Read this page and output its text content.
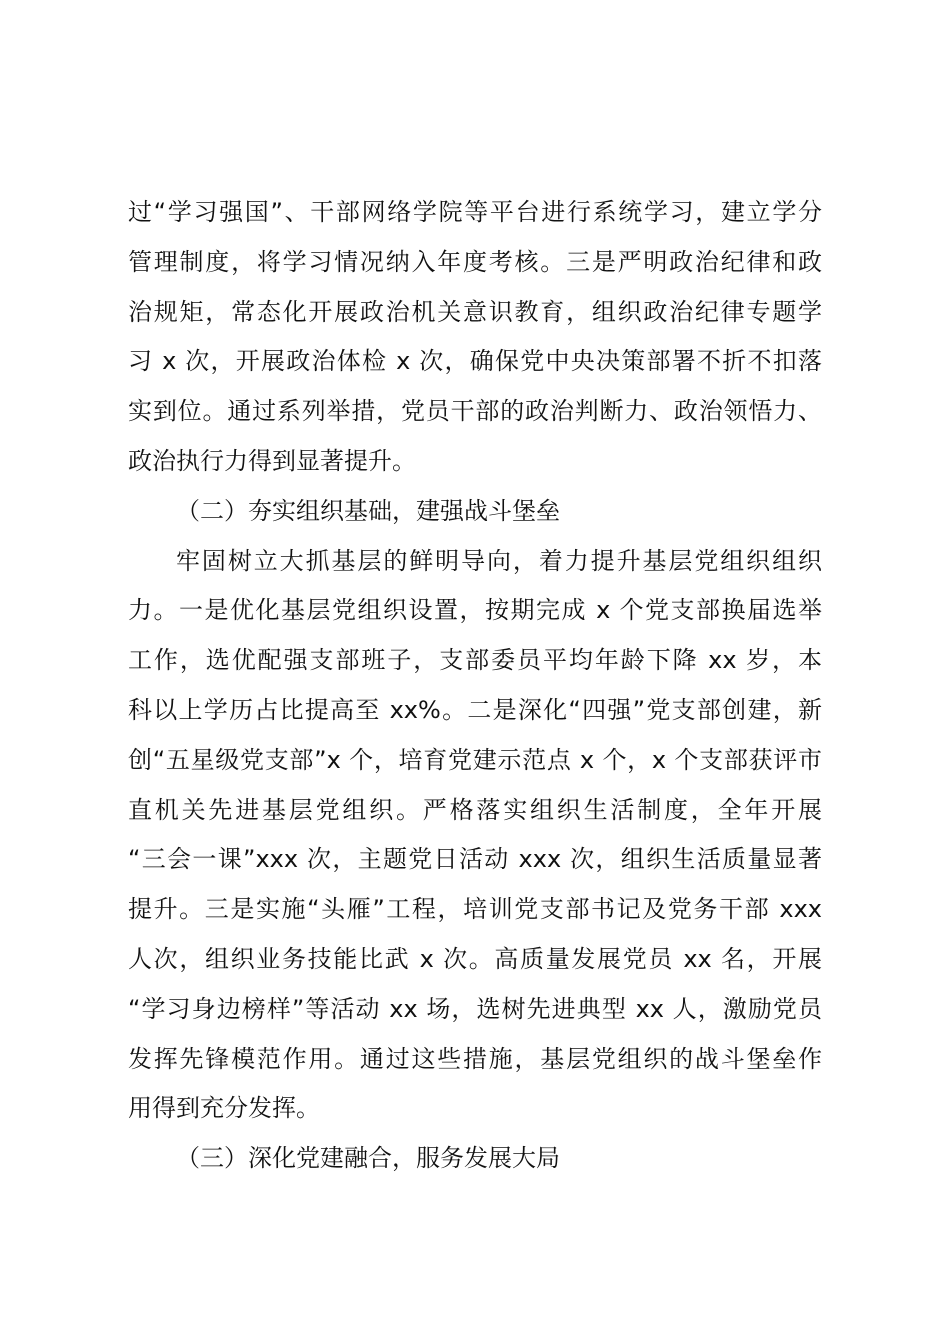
过“学习强国”、干部网络学院等平台进行系统学习，建立学分
管理制度，将学习情况纳入年度考核。三是严明政治纪律和政
治规矩，常态化开展政治机关意识教育，组织政治纪律专题学
习 x 次，开展政治体检 x 次，确保党中央决策部署不折不扣落
实到位。通过系列举措，党员干部的政治判断力、政治领悟力、
政治执行力得到显著提升。
（二）夯实组织基础，建强战斗堡垒
牢固树立大抓基层的鲜明导向，着力提升基层党组织组织
力。一是优化基层党组织设置，按期完成 x 个党支部换届选举
工作，选优配强支部班子，支部委员平均年龄下降 xx 岁，本
科以上学历占比提高至 xx%。二是深化“四强”党支部创建，新
创“五星级党支部”x 个，培育党建示范点 x 个，x 个支部获评市
直机关先进基层党组织。严格落实组织生活制度，全年开展
“三会一课”xxx 次，主题党日活动 xxx 次，组织生活质量显著
提升。三是实施“头雁”工程，培训党支部书记及党务干部 xxx
人次，组织业务技能比武 x 次。高质量发展党员 xx 名，开展
“学习身边榜样”等活动 xx 场，选树先进典型 xx 人，激励党员
发挥先锋模范作用。通过这些措施，基层党组织的战斗堡垒作
用得到充分发挥。
（三）深化党建融合，服务发展大局
